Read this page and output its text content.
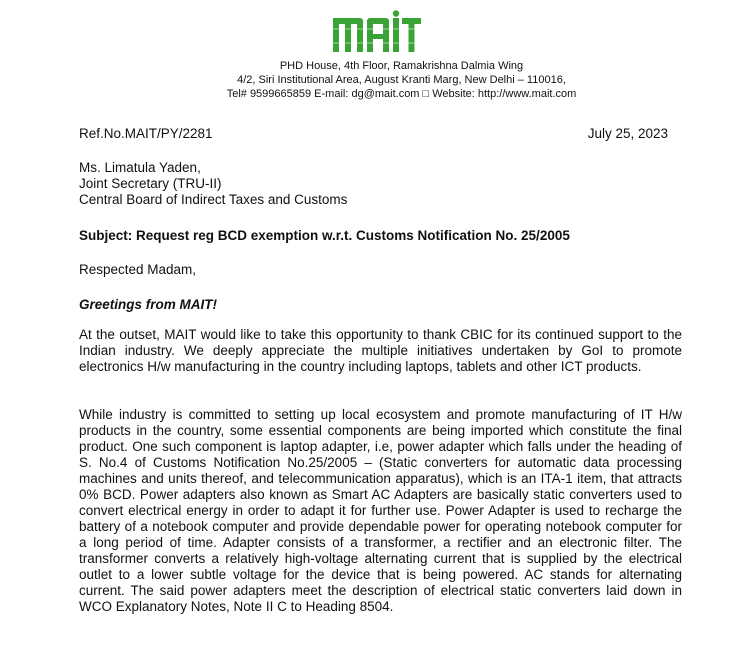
PHD House, 4th Floor, Ramakrishna Dalmia Wing
4/2, Siri Institutional Area, August Kranti Marg, New Delhi – 110016,
Tel# 9599665859 E-mail: dg@mait.com □ Website: http://www.mait.com
Ref.No.MAIT/PY/2281	July 25, 2023
Ms. Limatula Yaden,
Joint Secretary (TRU-II)
Central Board of Indirect Taxes and Customs
Subject: Request reg BCD exemption w.r.t. Customs Notification No. 25/2005
Respected Madam,
Greetings from MAIT!
At the outset, MAIT would like to take this opportunity to thank CBIC for its continued support to the Indian industry. We deeply appreciate the multiple initiatives undertaken by GoI to promote electronics H/w manufacturing in the country including laptops, tablets and other ICT products.
While industry is committed to setting up local ecosystem and promote manufacturing of IT H/w products in the country, some essential components are being imported which constitute the final product. One such component is laptop adapter, i.e, power adapter which falls under the heading of S. No.4 of Customs Notification No.25/2005 – (Static converters for automatic data processing machines and units thereof, and telecommunication apparatus), which is an ITA-1 item, that attracts 0% BCD. Power adapters also known as Smart AC Adapters are basically static converters used to convert electrical energy in order to adapt it for further use. Power Adapter is used to recharge the battery of a notebook computer and provide dependable power for operating notebook computer for a long period of time. Adapter consists of a transformer, a rectifier and an electronic filter. The transformer converts a relatively high-voltage alternating current that is supplied by the electrical outlet to a lower subtle voltage for the device that is being powered. AC stands for alternating current. The said power adapters meet the description of electrical static converters laid down in WCO Explanatory Notes, Note II C to Heading 8504.
